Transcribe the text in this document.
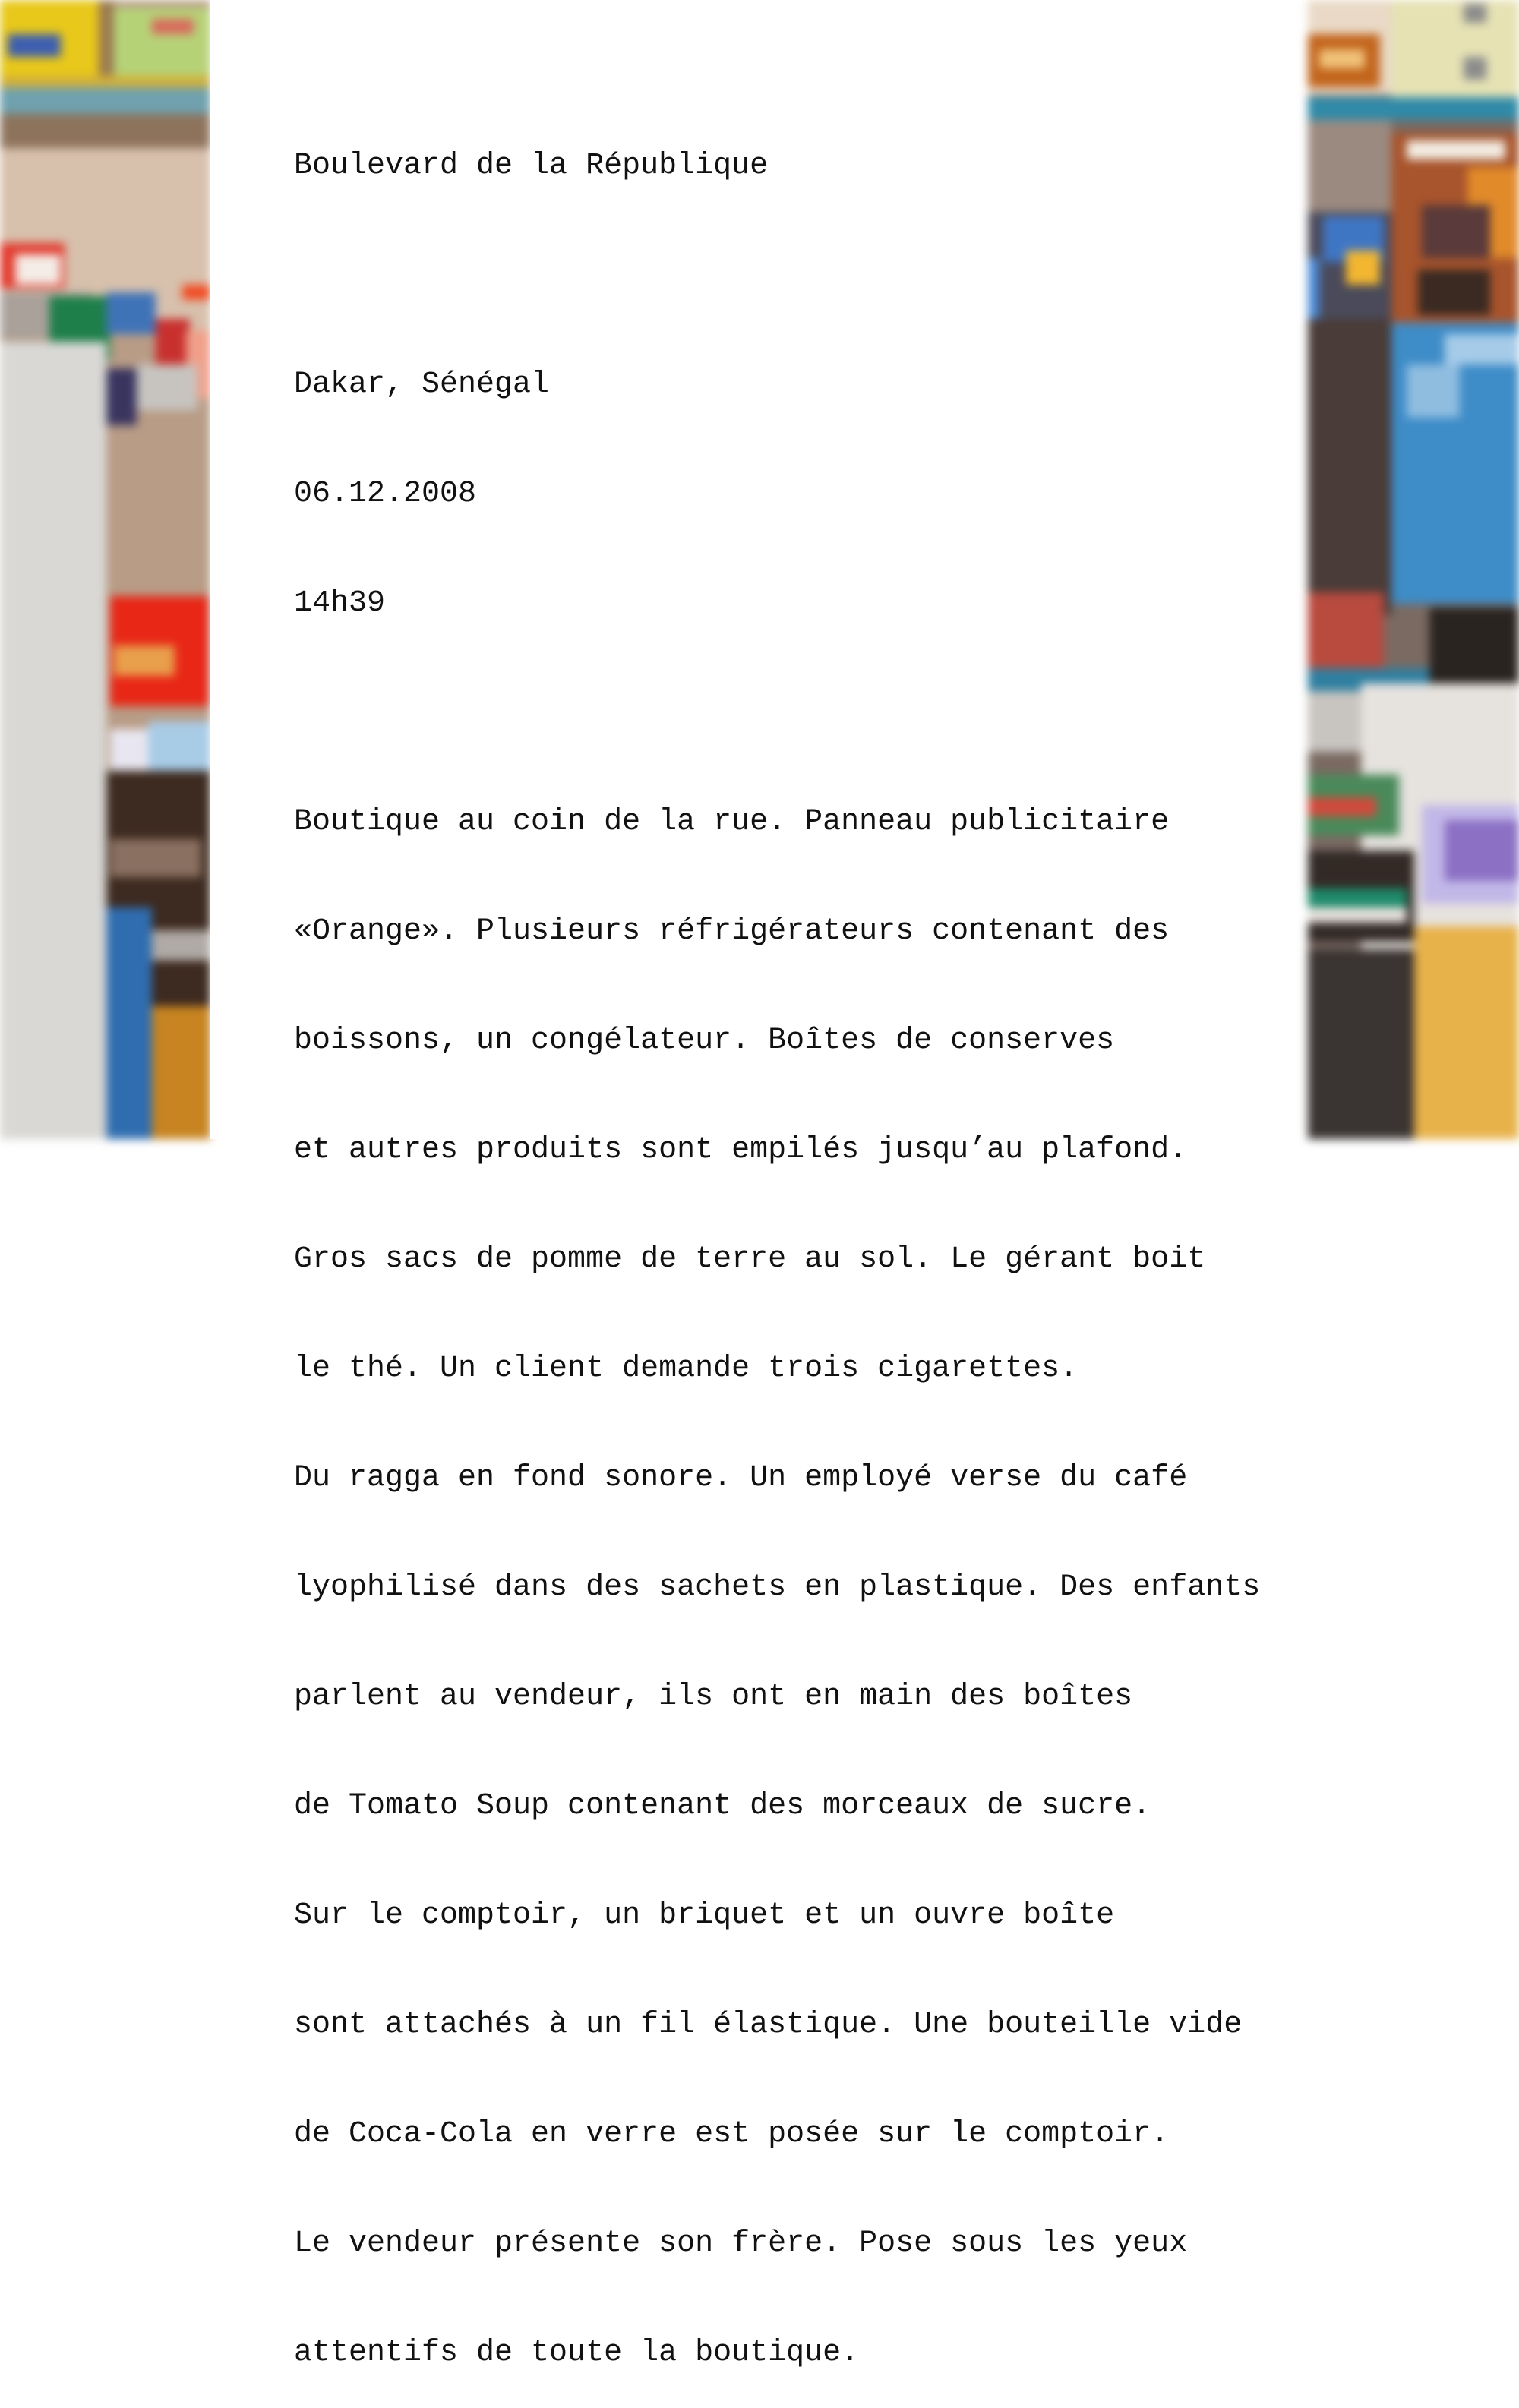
Boulevard de la République

Dakar, Sénégal

06.12.2008

14h39

Boutique au coin de la rue. Panneau publicitaire

«Orange». Plusieurs réfrigérateurs contenant des

boissons, un congélateur. Boîtes de conserves

et autres produits sont empilés jusqu’au plafond.

Gros sacs de pomme de terre au sol. Le gérant boit

le thé. Un client demande trois cigarettes.

Du ragga en fond sonore. Un employé verse du café

lyophilisé dans des sachets en plastique. Des enfants

parlent au vendeur, ils ont en main des boîtes

de Tomato Soup contenant des morceaux de sucre.

Sur le comptoir, un briquet et un ouvre boîte

sont attachés à un fil élastique. Une bouteille vide

de Coca-Cola en verre est posée sur le comptoir.

Le vendeur présente son frère. Pose sous les yeux

attentifs de toute la boutique.
